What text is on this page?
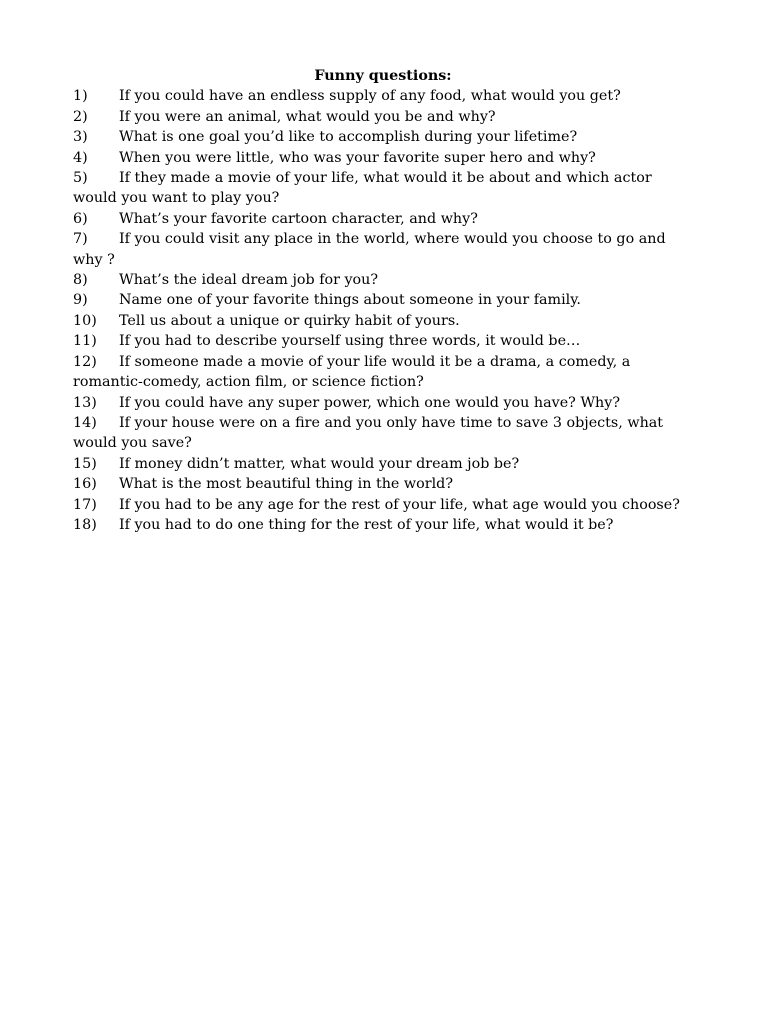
Funny questions:
1) If you could have an endless supply of any food, what would you get?
2) If you were an animal, what would you be and why?
3) What is one goal you’d like to accomplish during your lifetime?
4) When you were little, who was your favorite super hero and why?
5) If they made a movie of your life, what would it be about and which actor would you want to play you?
6) What’s your favorite cartoon character, and why?
7) If you could visit any place in the world, where would you choose to go and why ?
8) What’s the ideal dream job for you?
9) Name one of your favorite things about someone in your family.
10) Tell us about a unique or quirky habit of yours.
11) If you had to describe yourself using three words, it would be…
12) If someone made a movie of your life would it be a drama, a comedy, a romantic-comedy, action film, or science fiction?
13) If you could have any super power, which one would you have? Why?
14) If your house were on a fire and you only have time to save 3 objects, what would you save?
15) If money didn’t matter, what would your dream job be?
16) What is the most beautiful thing in the world?
17) If you had to be any age for the rest of your life, what age would you choose?
18) If you had to do one thing for the rest of your life, what would it be?
